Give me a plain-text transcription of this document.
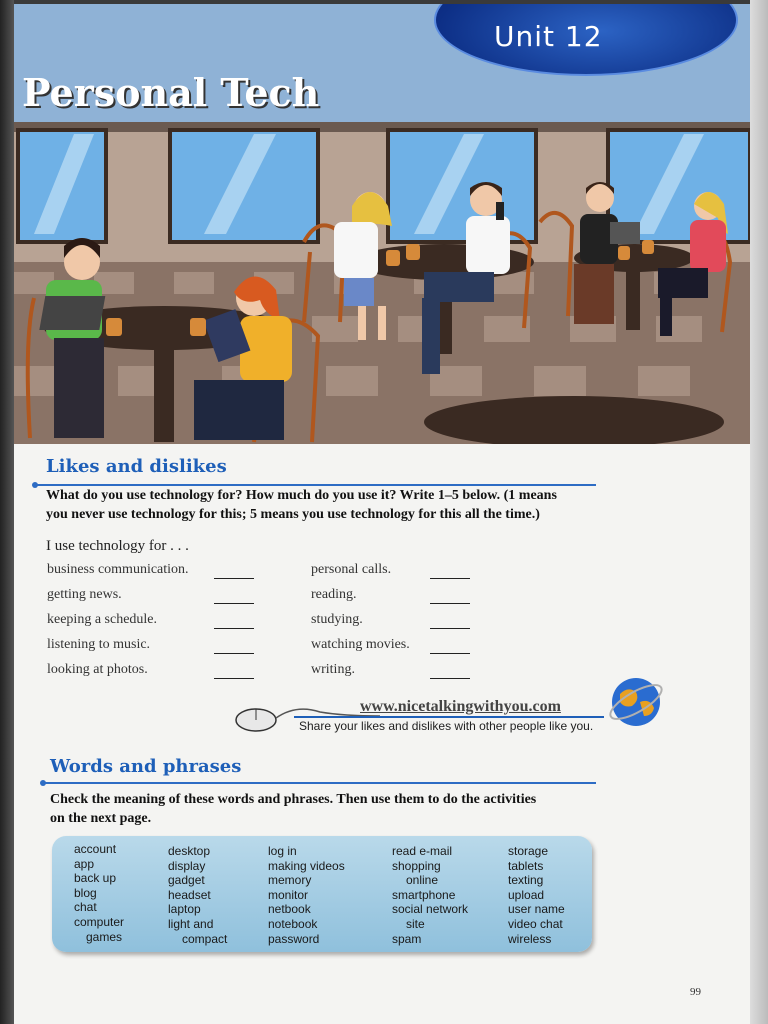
Unit 12
Personal Tech
Likes and dislikes
What do you use technology for? How much do you use it? Write 1–5 below. (1 means
you never use technology for this; 5 means you use technology for this all the time.)
I use technology for . . .
business communication.
getting news.
keeping a schedule.
listening to music.
looking at photos.
personal calls.
reading.
studying.
watching movies.
writing.
www.nicetalkingwithyou.com
Share your likes and dislikes with other people like you.
Words and phrases
Check the meaning of these words and phrases. Then use them to do the activities
on the next page.
account
app
back up
blog
chat
computer
games
desktop
display
gadget
headset
laptop
light and
compact
log in
making videos
memory
monitor
netbook
notebook
password
read e-mail
shopping
online
smartphone
social network
site
spam
storage
tablets
texting
upload
user name
video chat
wireless
99
